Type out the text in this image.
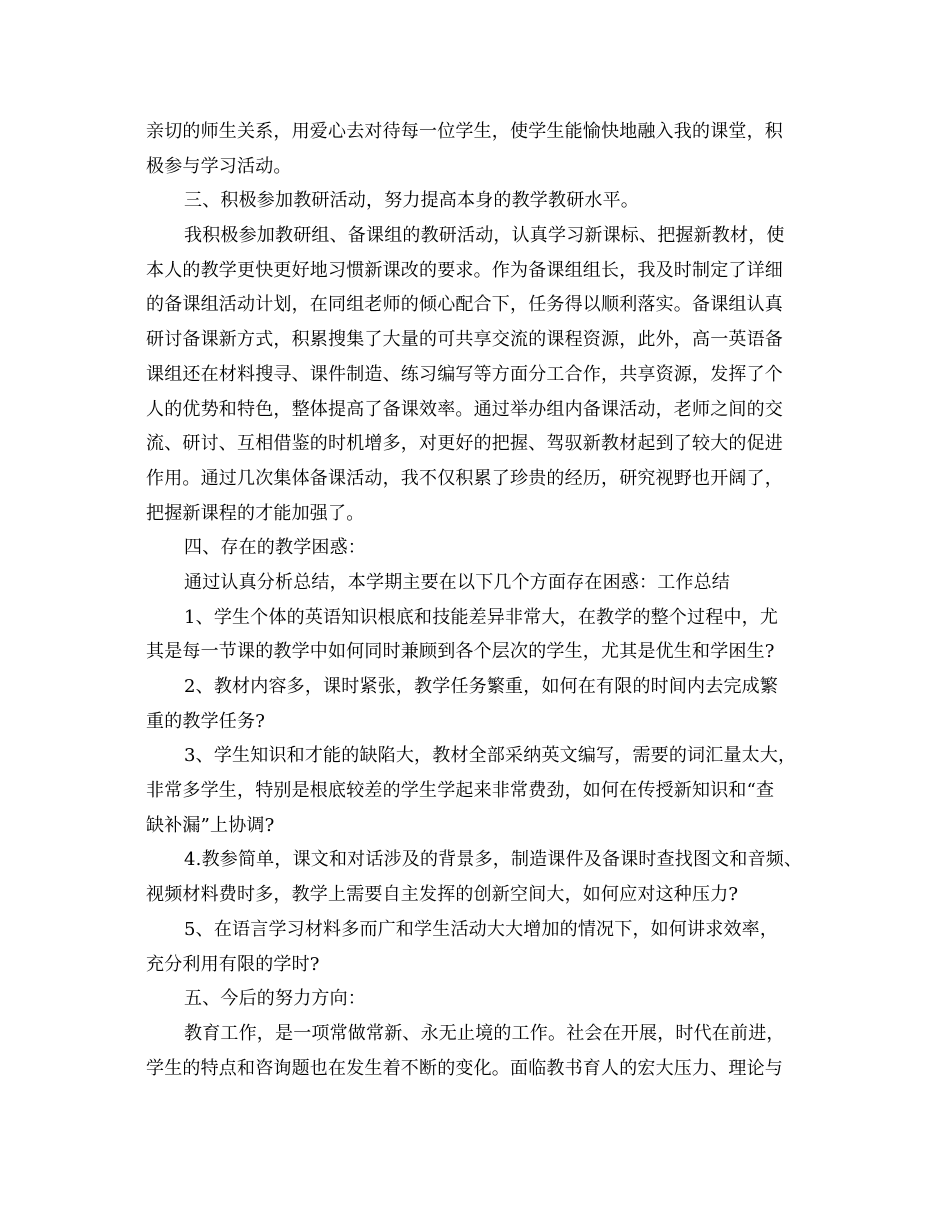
亲切的师生关系，用爱心去对待每一位学生，使学生能愉快地融入我的课堂，积
极参与学习活动。
三、积极参加教研活动，努力提高本身的教学教研水平。
我积极参加教研组、备课组的教研活动，认真学习新课标、把握新教材，使
本人的教学更快更好地习惯新课改的要求。作为备课组组长，我及时制定了详细
的备课组活动计划，在同组老师的倾心配合下，任务得以顺利落实。备课组认真
研讨备课新方式，积累搜集了大量的可共享交流的课程资源，此外，高一英语备
课组还在材料搜寻、课件制造、练习编写等方面分工合作，共享资源，发挥了个
人的优势和特色，整体提高了备课效率。通过举办组内备课活动，老师之间的交
流、研讨、互相借鉴的时机增多，对更好的把握、驾驭新教材起到了较大的促进
作用。通过几次集体备课活动，我不仅积累了珍贵的经历，研究视野也开阔了，
把握新课程的才能加强了。
四、存在的教学困惑：
通过认真分析总结，本学期主要在以下几个方面存在困惑：工作总结
1、学生个体的英语知识根底和技能差异非常大，在教学的整个过程中，尤
其是每一节课的教学中如何同时兼顾到各个层次的学生，尤其是优生和学困生?
2、教材内容多，课时紧张，教学任务繁重，如何在有限的时间内去完成繁
重的教学任务?
3、学生知识和才能的缺陷大，教材全部采纳英文编写，需要的词汇量太大，
非常多学生，特别是根底较差的学生学起来非常费劲，如何在传授新知识和“查
缺补漏”上协调?
4.教参简单，课文和对话涉及的背景多，制造课件及备课时查找图文和音频、
视频材料费时多，教学上需要自主发挥的创新空间大，如何应对这种压力?
5、在语言学习材料多而广和学生活动大大增加的情况下，如何讲求效率，
充分利用有限的学时?
五、今后的努力方向：
教育工作，是一项常做常新、永无止境的工作。社会在开展，时代在前进，
学生的特点和咨询题也在发生着不断的变化。面临教书育人的宏大压力、理论与
